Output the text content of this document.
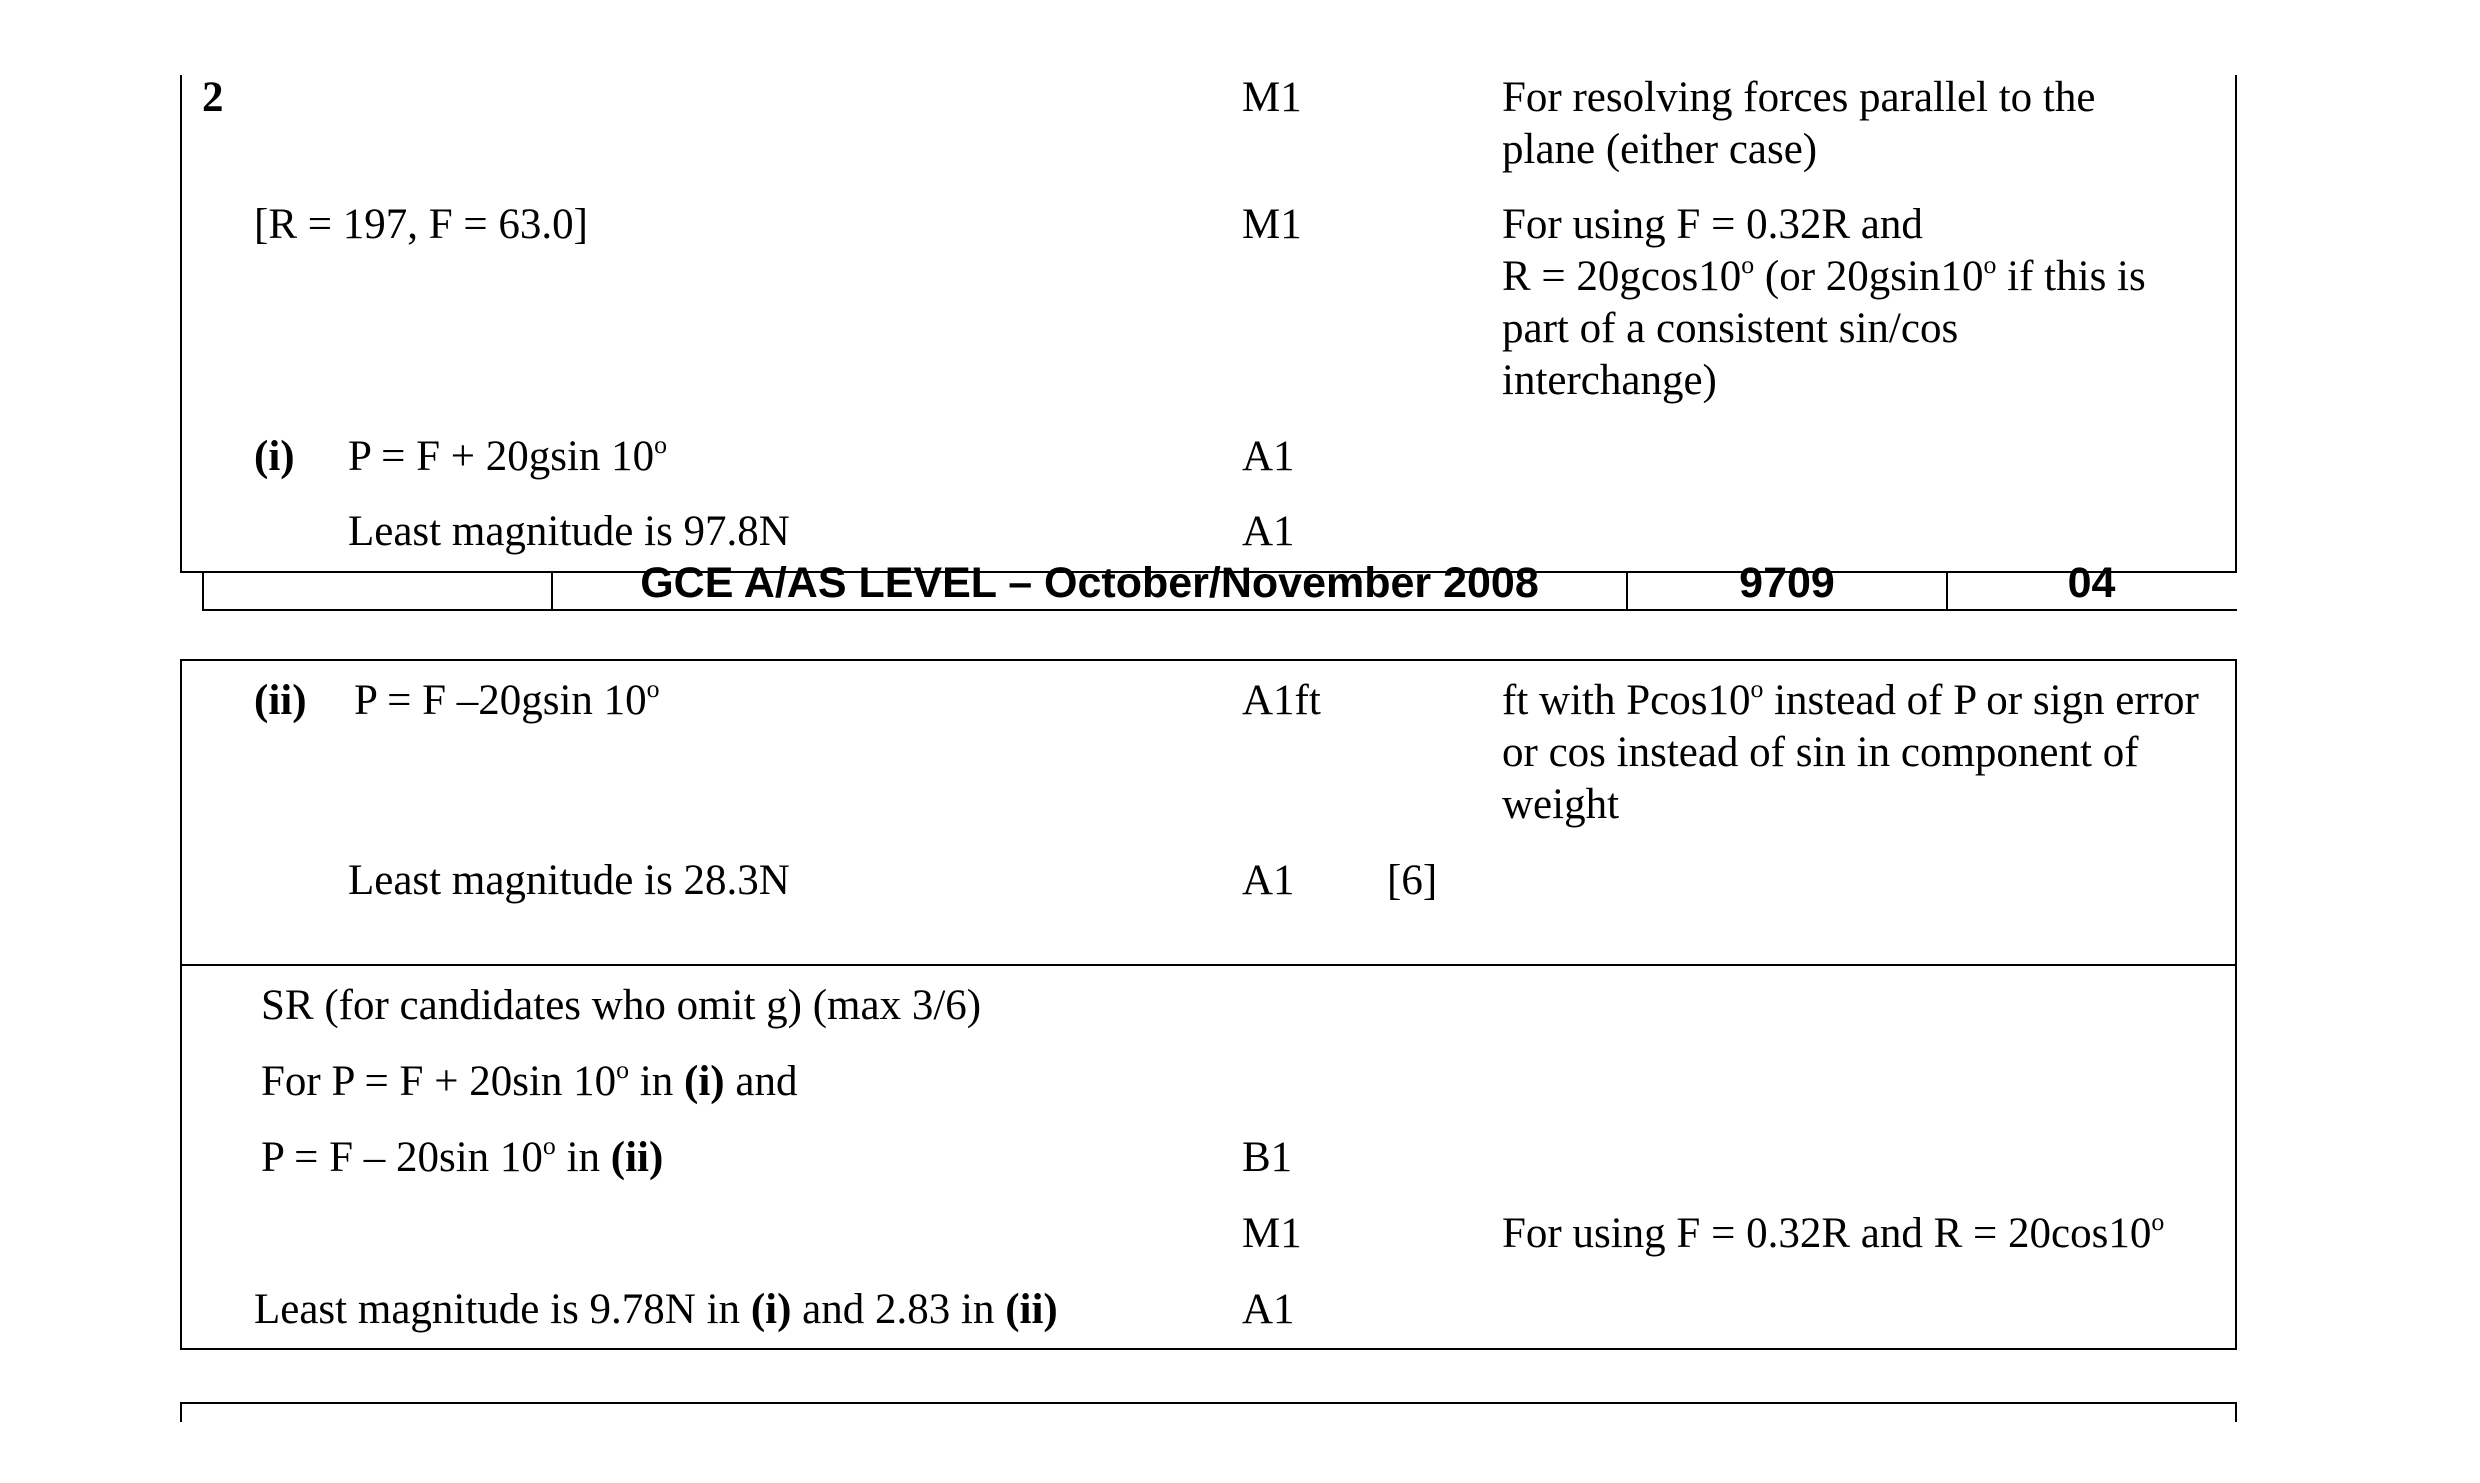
2	M1	For resolving forces parallel to the plane (either case)
[R = 197, F = 63.0]	M1	For using F = 0.32R and
$R = 20gcos10^o$ (or 20gsin10$^o$ if this is
part of a consistent sin/cos
interchange)
(i) P = F + 20gsin 10$^o$	A1
Least magnitude is 97.8N	A1
GCE A/AS LEVEL – October/November 2008	9709	04
(ii) P = F –20gsin 10$^o$	A1ft	ft with Pcos10$^o$ instead of P or sign error or cos instead of sin in component of weight
Least magnitude is 28.3N	A1 [6]
SR (for candidates who omit g) (max 3/6)
For P = F + 20sin 10$^o$ in (i) and
P = F – 20sin 10$^o$ in (ii)	B1
M1	For using F = 0.32R and $R = 20\cos 10^o$
Least magnitude is 9.78N in (i) and 2.83 in (ii)	A1
